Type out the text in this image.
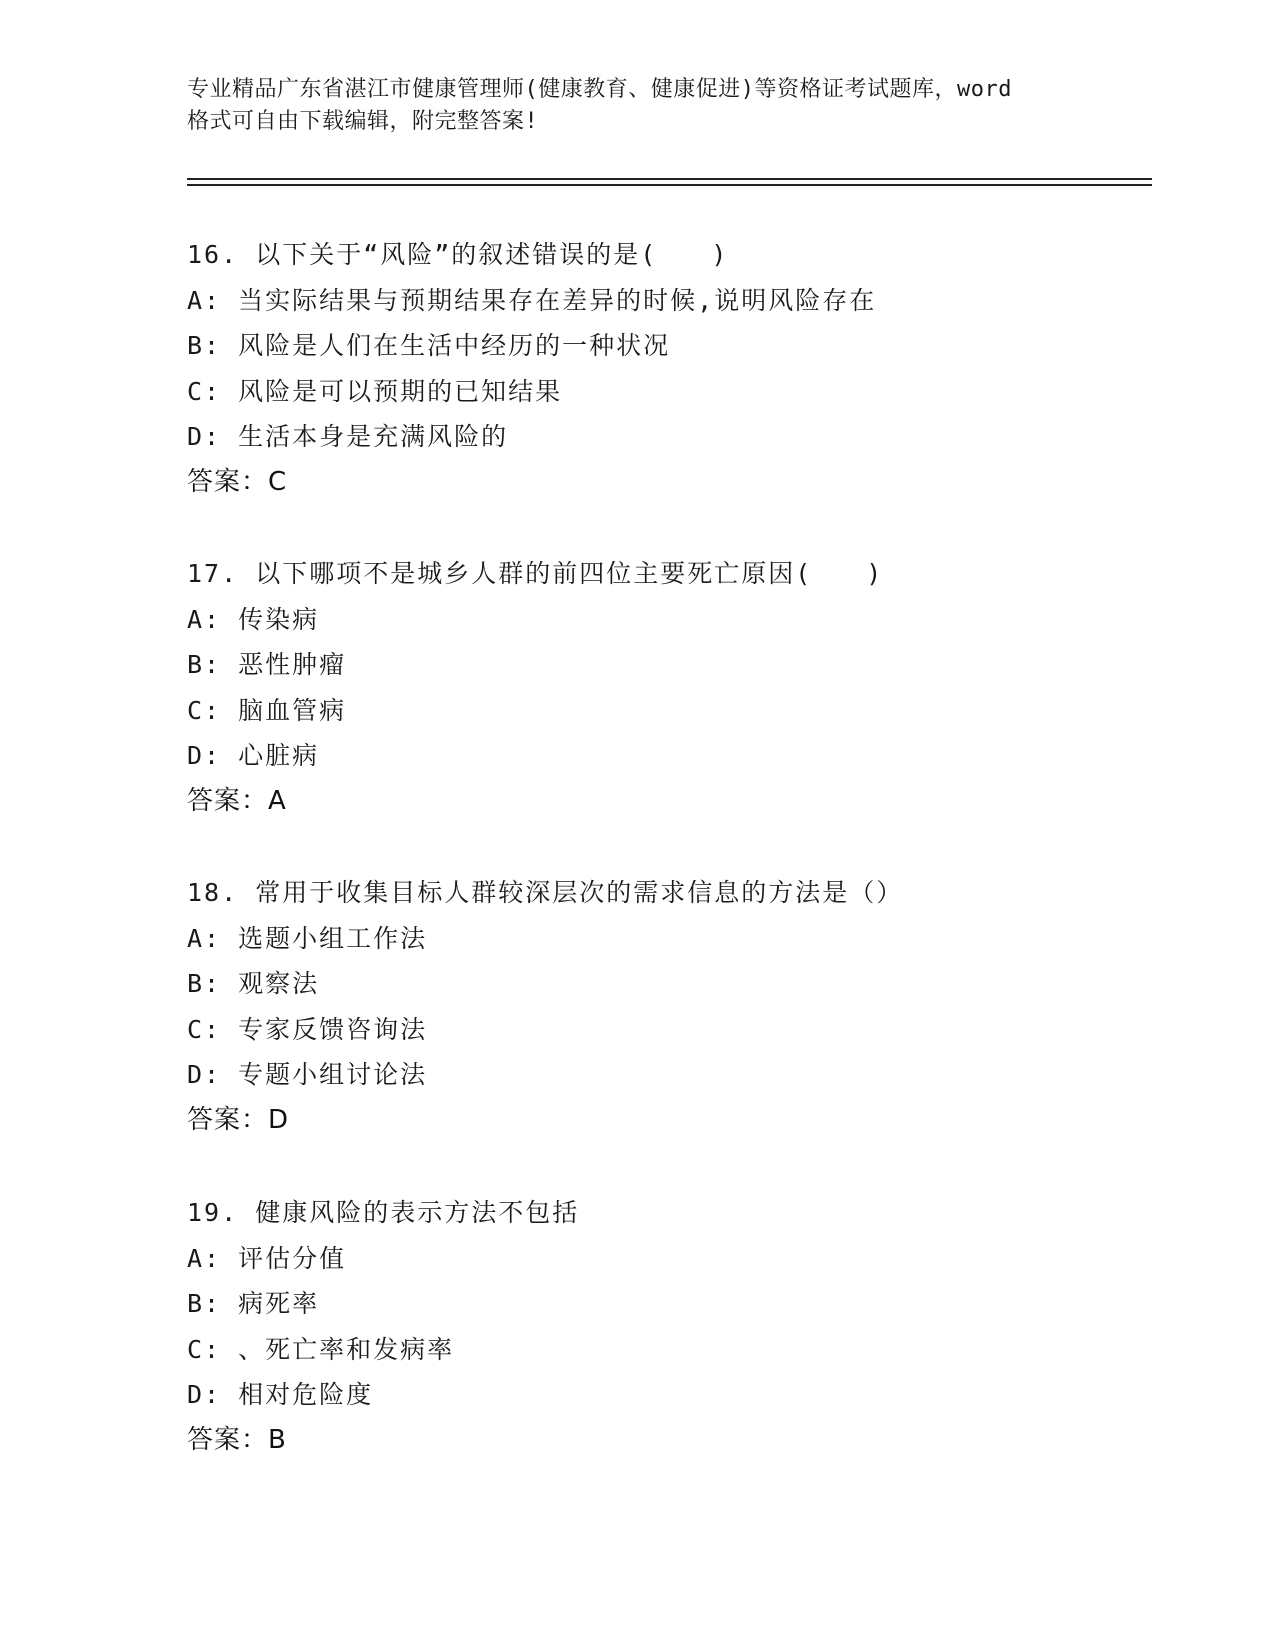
专业精品广东省湛江市健康管理师(健康教育、健康促进)等资格证考试题库，word

格式可自由下载编辑，附完整答案!

16. 以下关于“风险”的叙述错误的是(　　)
A: 当实际结果与预期结果存在差异的时候,说明风险存在
B: 风险是人们在生活中经历的一种状况
C: 风险是可以预期的已知结果
D: 生活本身是充满风险的
答案：C
17. 以下哪项不是城乡人群的前四位主要死亡原因(　　)
A: 传染病
B: 恶性肿瘤
C: 脑血管病
D: 心脏病
答案：A
18. 常用于收集目标人群较深层次的需求信息的方法是（）
A: 选题小组工作法
B: 观察法
C: 专家反馈咨询法
D: 专题小组讨论法
答案：D
19. 健康风险的表示方法不包括
A: 评估分值
B: 病死率
C: 、死亡率和发病率
D: 相对危险度
答案：B
